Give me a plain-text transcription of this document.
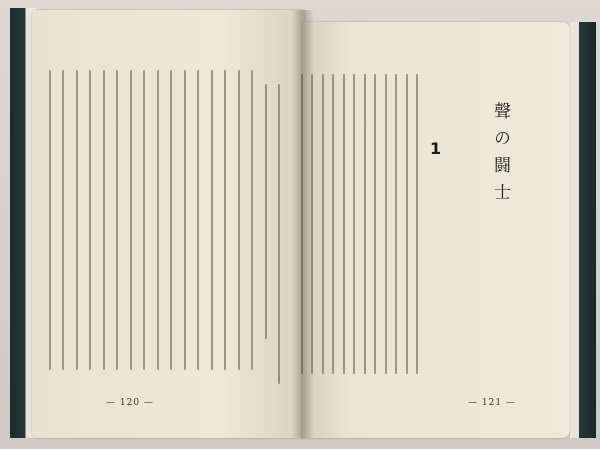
聲の闘士
1
— 120 —	— 121 —
